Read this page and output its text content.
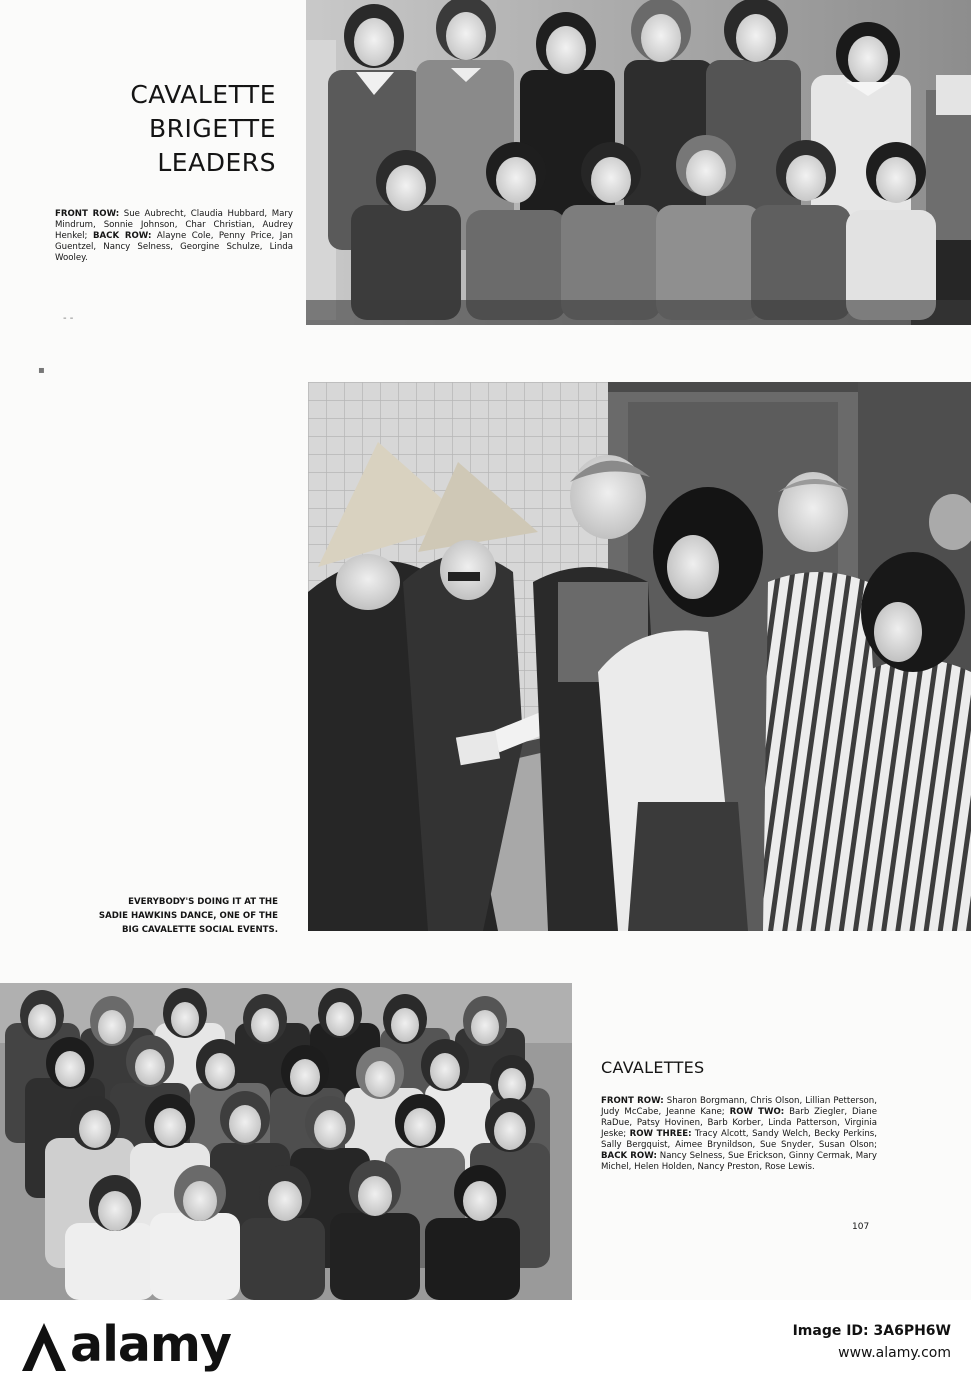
CAVALETTE
BRIGETTE
LEADERS
FRONT ROW: Sue Aubrecht, Claudia Hubbard, Mary Mindrum, Sonnie Johnson, Char Christian, Audrey Henkel; BACK ROW: Alayne Cole, Penny Price, Jan Guentzel, Nancy Selness, Georgine Schulze, Linda Wooley.
- -
▪
EVERYBODY'S DOING IT AT THE
SADIE HAWKINS DANCE, ONE OF THE
BIG CAVALETTE SOCIAL EVENTS.
CAVALETTES
FRONT ROW: Sharon Borgmann, Chris Olson, Lillian Petterson, Judy McCabe, Jeanne Kane; ROW TWO: Barb Ziegler, Diane RaDue, Patsy Hovinen, Barb Korber, Linda Patterson, Virginia Jeske; ROW THREE: Tracy Alcott, Sandy Welch, Becky Perkins, Sally Bergquist, Aimee Brynildson, Sue Snyder, Susan Olson; BACK ROW: Nancy Selness, Sue Erickson, Ginny Cermak, Mary Michel, Helen Holden, Nancy Preston, Rose Lewis.
107
alamy	Image ID: 3A6PH6W
www.alamy.com
